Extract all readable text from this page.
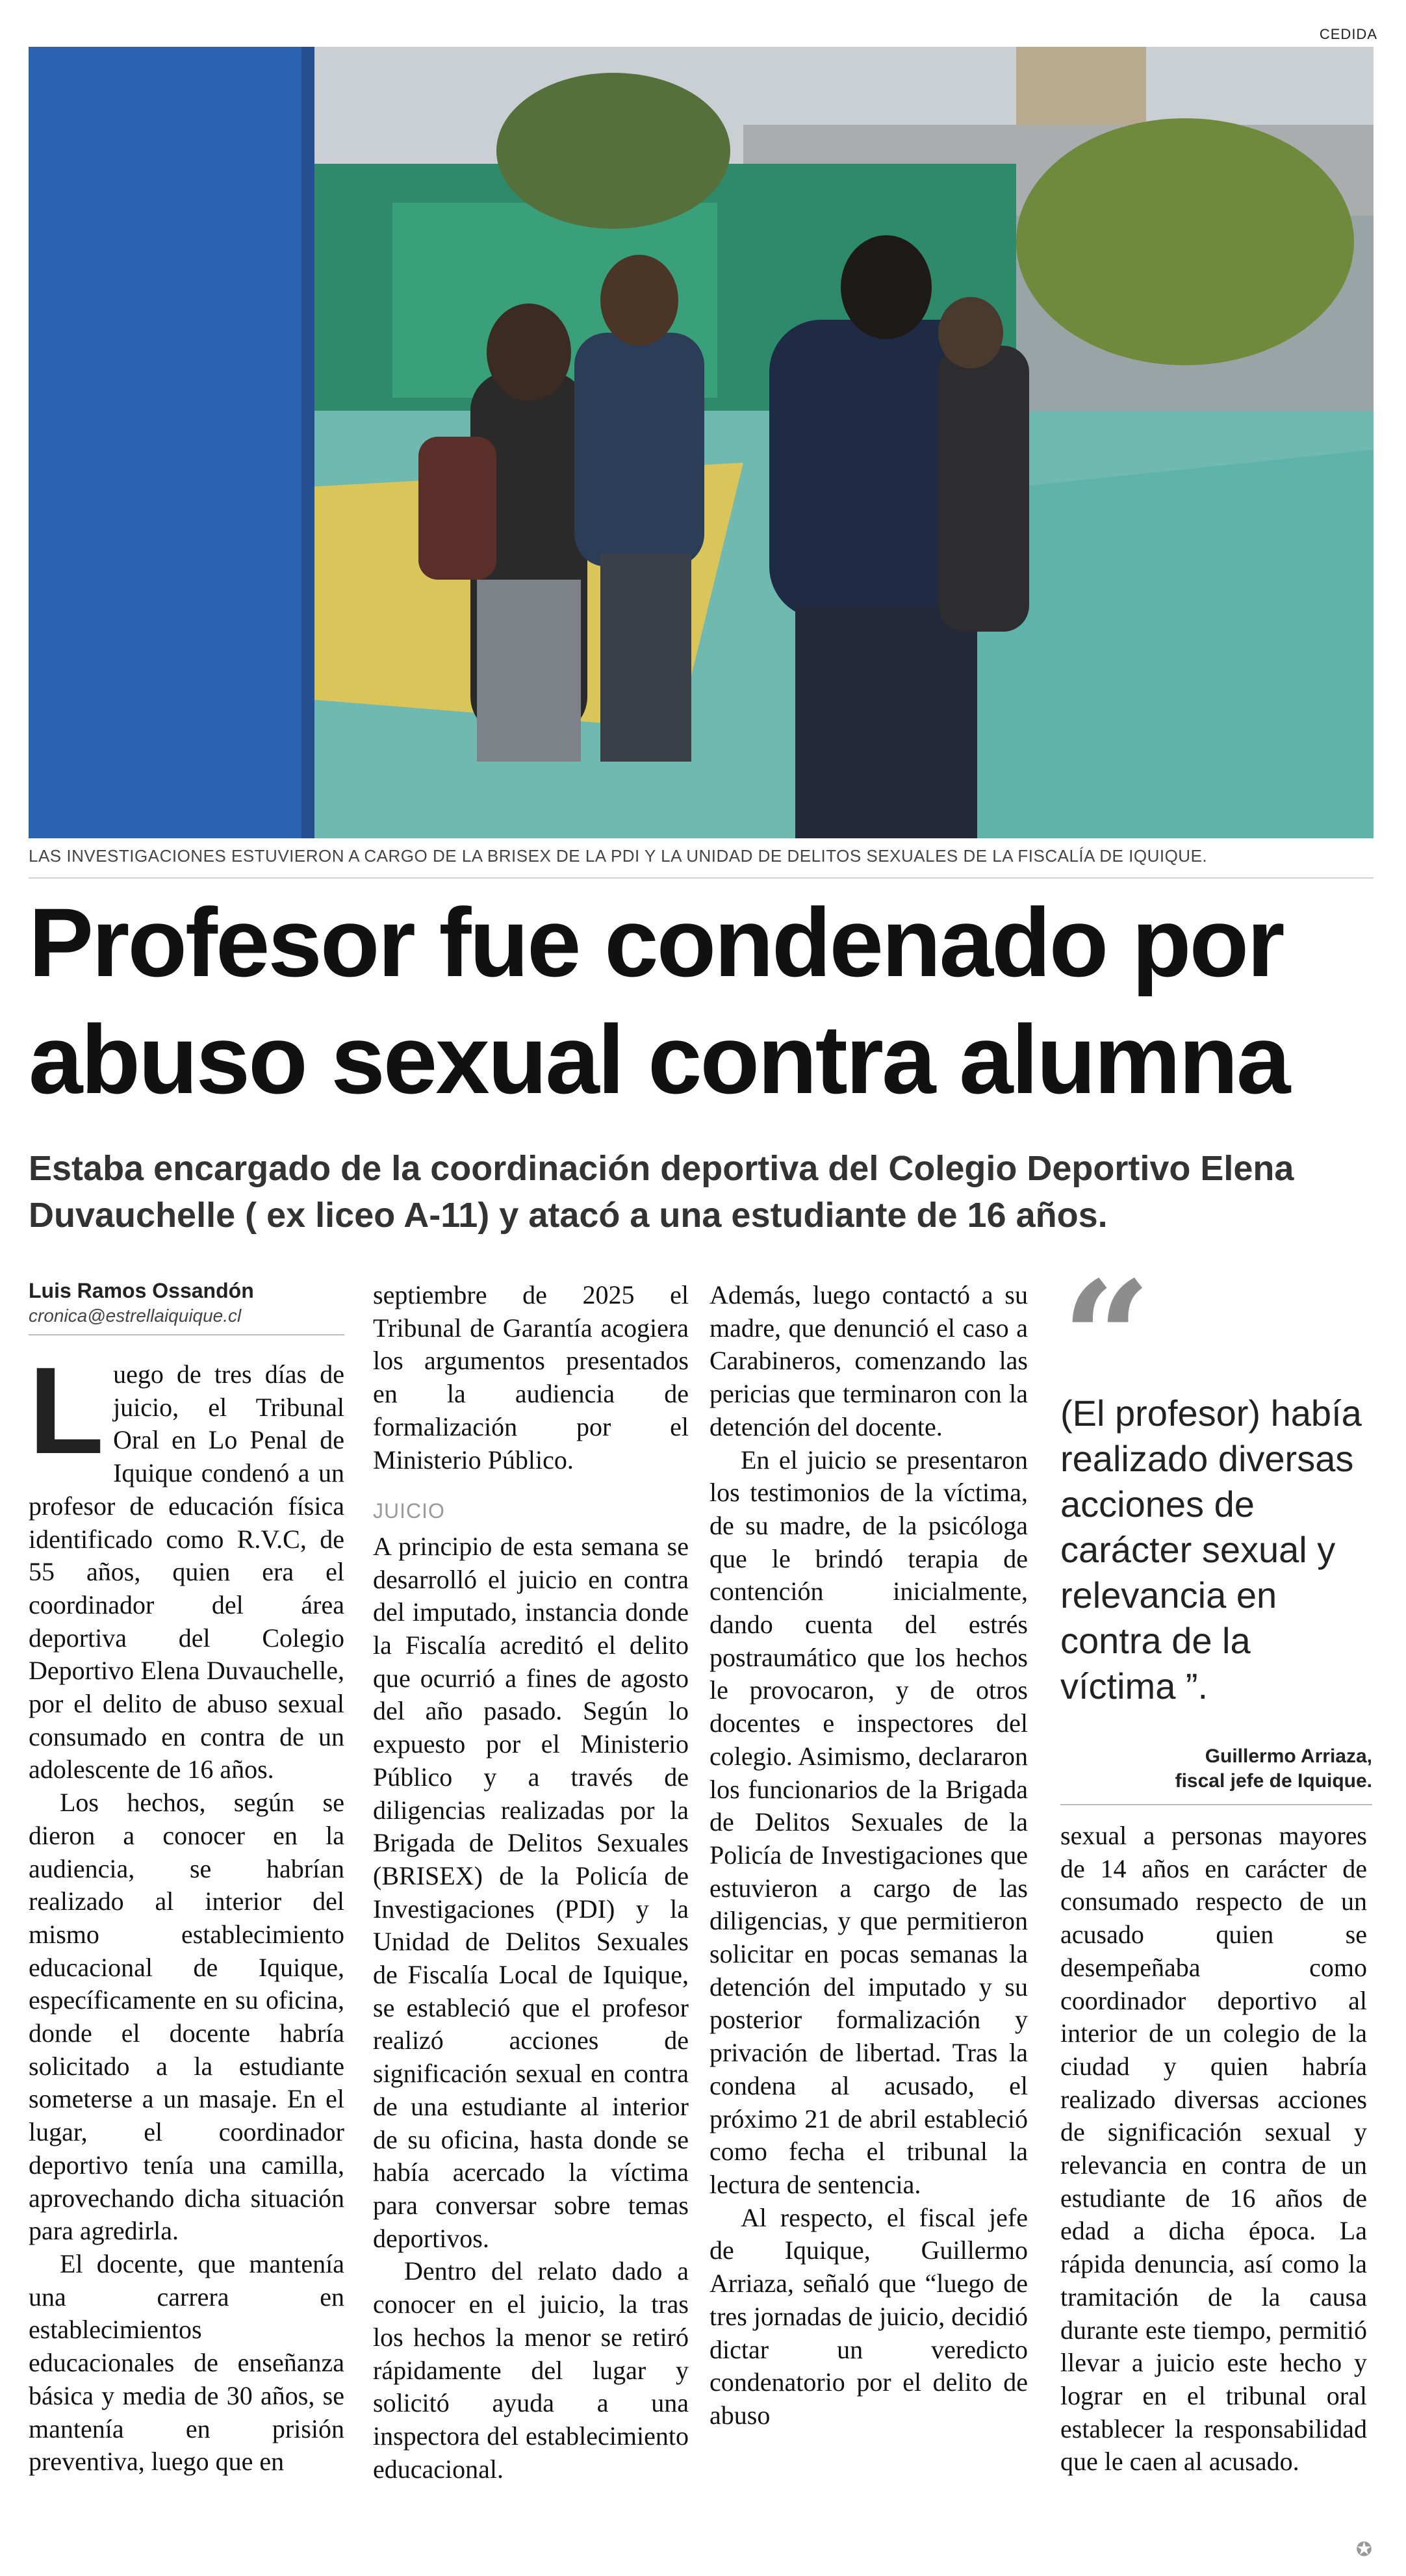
CEDIDA
LAS INVESTIGACIONES ESTUVIERON A CARGO DE LA BRISEX DE LA PDI Y LA UNIDAD DE DELITOS SEXUALES DE LA FISCALÍA DE IQUIQUE.
Profesor fue condenado por
abuso sexual contra alumna
Estaba encargado de la coordinación deportiva del Colegio Deportivo Elena Duvauchelle ( ex liceo A-11) y atacó a una estudiante de 16 años.
Luis Ramos Ossandón
cronica@estrellaiquique.cl

Luego de tres días de juicio, el Tribunal Oral en Lo Penal de Iquique condenó a un profesor de educación física identificado como R.V.C, de 55 años, quien era el coordinador del área deportiva del Colegio Deportivo Elena Duvauchelle, por el delito de abuso sexual consumado en contra de un adolescente de 16 años.

Los hechos, según se dieron a conocer en la audiencia, se habrían realizado al interior del mismo establecimiento educacional de Iquique, específicamente en su oficina, donde el docente habría solicitado a la estudiante someterse a un masaje. En el lugar, el coordinador deportivo tenía una camilla, aprovechando dicha situación para agredirla.

El docente, que mantenía una carrera en establecimientos educacionales de enseñanza básica y media de 30 años, se mantenía en prisión preventiva, luego que en

septiembre de 2025 el Tribunal de Garantía acogiera los argumentos presentados en la audiencia de formalización por el Ministerio Público.

JUICIO

A principio de esta semana se desarrolló el juicio en contra del imputado, instancia donde la Fiscalía acreditó el delito que ocurrió a fines de agosto del año pasado. Según lo expuesto por el Ministerio Público y a través de diligencias realizadas por la Brigada de Delitos Sexuales (BRISEX) de la Policía de Investigaciones (PDI) y la Unidad de Delitos Sexuales de Fiscalía Local de Iquique, se estableció que el profesor realizó acciones de significación sexual en contra de una estudiante al interior de su oficina, hasta donde se había acercado la víctima para conversar sobre temas deportivos.

Dentro del relato dado a conocer en el juicio, la tras los hechos la menor se retiró rápidamente del lugar y solicitó ayuda a una inspectora del establecimiento educacional.

Además, luego contactó a su madre, que denunció el caso a Carabineros, comenzando las pericias que terminaron con la detención del docente.

En el juicio se presentaron los testimonios de la víctima, de su madre, de la psicóloga que le brindó terapia de contención inicialmente, dando cuenta del estrés postraumático que los hechos le provocaron, y de otros docentes e inspectores del colegio. Asimismo, declararon los funcionarios de la Brigada de Delitos Sexuales de la Policía de Investigaciones que estuvieron a cargo de las diligencias, y que permitieron solicitar en pocas semanas la detención del imputado y su posterior formalización y privación de libertad. Tras la condena al acusado, el próximo 21 de abril estableció como fecha el tribunal la lectura de sentencia.

Al respecto, el fiscal jefe de Iquique, Guillermo Arriaza, señaló que “luego de tres jornadas de juicio, decidió dictar un veredicto condenatorio por el delito de abuso

“
(El profesor) había realizado diversas acciones de carácter sexual y relevancia en contra de la víctima ”.
Guillermo Arriaza,
fiscal jefe de Iquique.

sexual a personas mayores de 14 años en carácter de consumado respecto de un acusado quien se desempeñaba como coordinador deportivo al interior de un colegio de la ciudad y quien habría realizado diversas acciones de significación sexual y relevancia en contra de un estudiante de 16 años de edad a dicha época. La rápida denuncia, así como la tramitación de la causa durante este tiempo, permitió llevar a juicio este hecho y lograr en el tribunal oral establecer la responsabilidad que le caen al acusado.

✪
